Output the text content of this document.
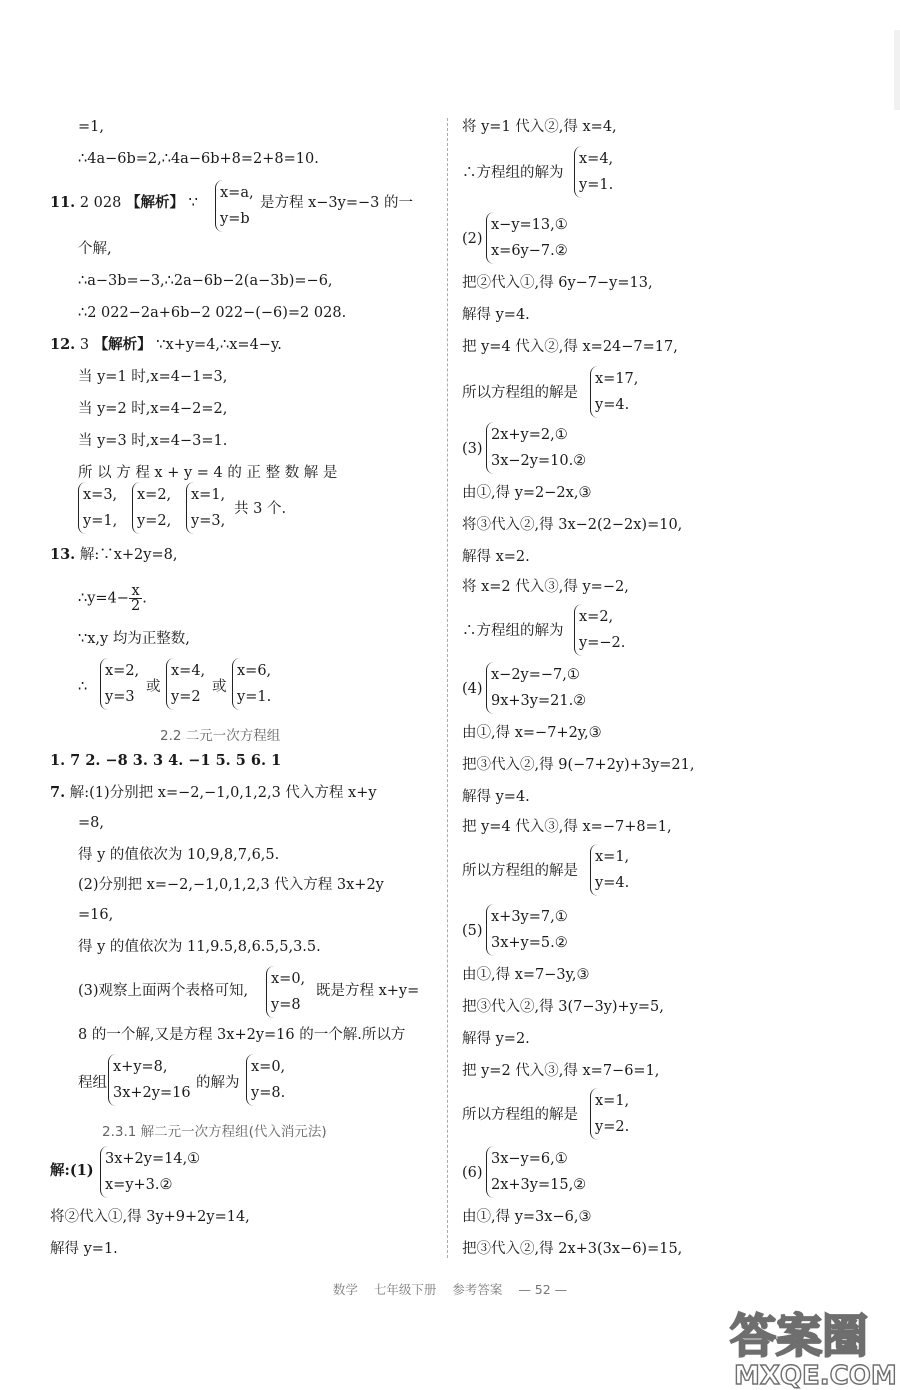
=1,
∴4a−6b=2,∴4a−6b+8=2+8=10.
11. 2 028 【解析】 ∵
x=a,
y=b
是方程 x−3y=−3 的一
个解,
∴a−3b=−3,∴2a−6b−2(a−3b)=−6,
∴2 022−2a+6b−2 022−(−6)=2 028.
12. 3 【解析】 ∵x+y=4,∴x=4−y.
当 y=1 时,x=4−1=3,
当 y=2 时,x=4−2=2,
当 y=3 时,x=4−3=1.
所 以 方 程 x + y = 4 的 正 整 数 解 是
x=3,
y=1,
x=2,
y=2,
x=1,
y=3,
共 3 个.
13. 解:∵x+2y=8,
∴y=4− $\frac{x}{2}$ .
∵x,y 均为正整数,
∴
x=2,
y=3
或
x=4,
y=2
或
x=6,
y=1.
2.2 二元一次方程组
1. 7 2. −8 3. 3 4. −1 5. 5 6. 1
7. 解:(1)分别把 x=−2,−1,0,1,2,3 代入方程 x+y
=8,
得 y 的值依次为 10,9,8,7,6,5.
(2)分别把 x=−2,−1,0,1,2,3 代入方程 3x+2y
=16,
得 y 的值依次为 11,9.5,8,6.5,5,3.5.
(3)观察上面两个表格可知,
x=0,
y=8
既是方程 x+y=
8 的一个解,又是方程 3x+2y=16 的一个解.所以方
程组
x+y=8,
3x+2y=16
的解为
x=0,
y=8.
2.3.1 解二元一次方程组(代入消元法)
解:(1)
3x+2y=14,①
x=y+3.②
将②代入①,得 3y+9+2y=14,
解得 y=1.
将 y=1 代入②,得 x=4,
∴方程组的解为
x=4,
y=1.
(2)
x−y=13,①
x=6y−7.②
把②代入①,得 6y−7−y=13,
解得 y=4.
把 y=4 代入②,得 x=24−7=17,
所以方程组的解是
x=17,
y=4.
(3)
2x+y=2,①
3x−2y=10.②
由①,得 y=2−2x,③
将③代入②,得 3x−2(2−2x)=10,
解得 x=2.
将 x=2 代入③,得 y=−2,
∴方程组的解为
x=2,
y=−2.
(4)
x−2y=−7,①
9x+3y=21.②
由①,得 x=−7+2y,③
把③代入②,得 9(−7+2y)+3y=21,
解得 y=4.
把 y=4 代入③,得 x=−7+8=1,
所以方程组的解是
x=1,
y=4.
(5)
x+3y=7,①
3x+y=5.②
由①,得 x=7−3y,③
把③代入②,得 3(7−3y)+y=5,
解得 y=2.
把 y=2 代入③,得 x=7−6=1,
所以方程组的解是
x=1,
y=2.
(6)
3x−y=6,①
2x+3y=15,②
由①,得 y=3x−6,③
把③代入②,得 2x+3(3x−6)=15,
数学 七年级下册 参考答案 — 52 —
答案圈
MXQE.COM
